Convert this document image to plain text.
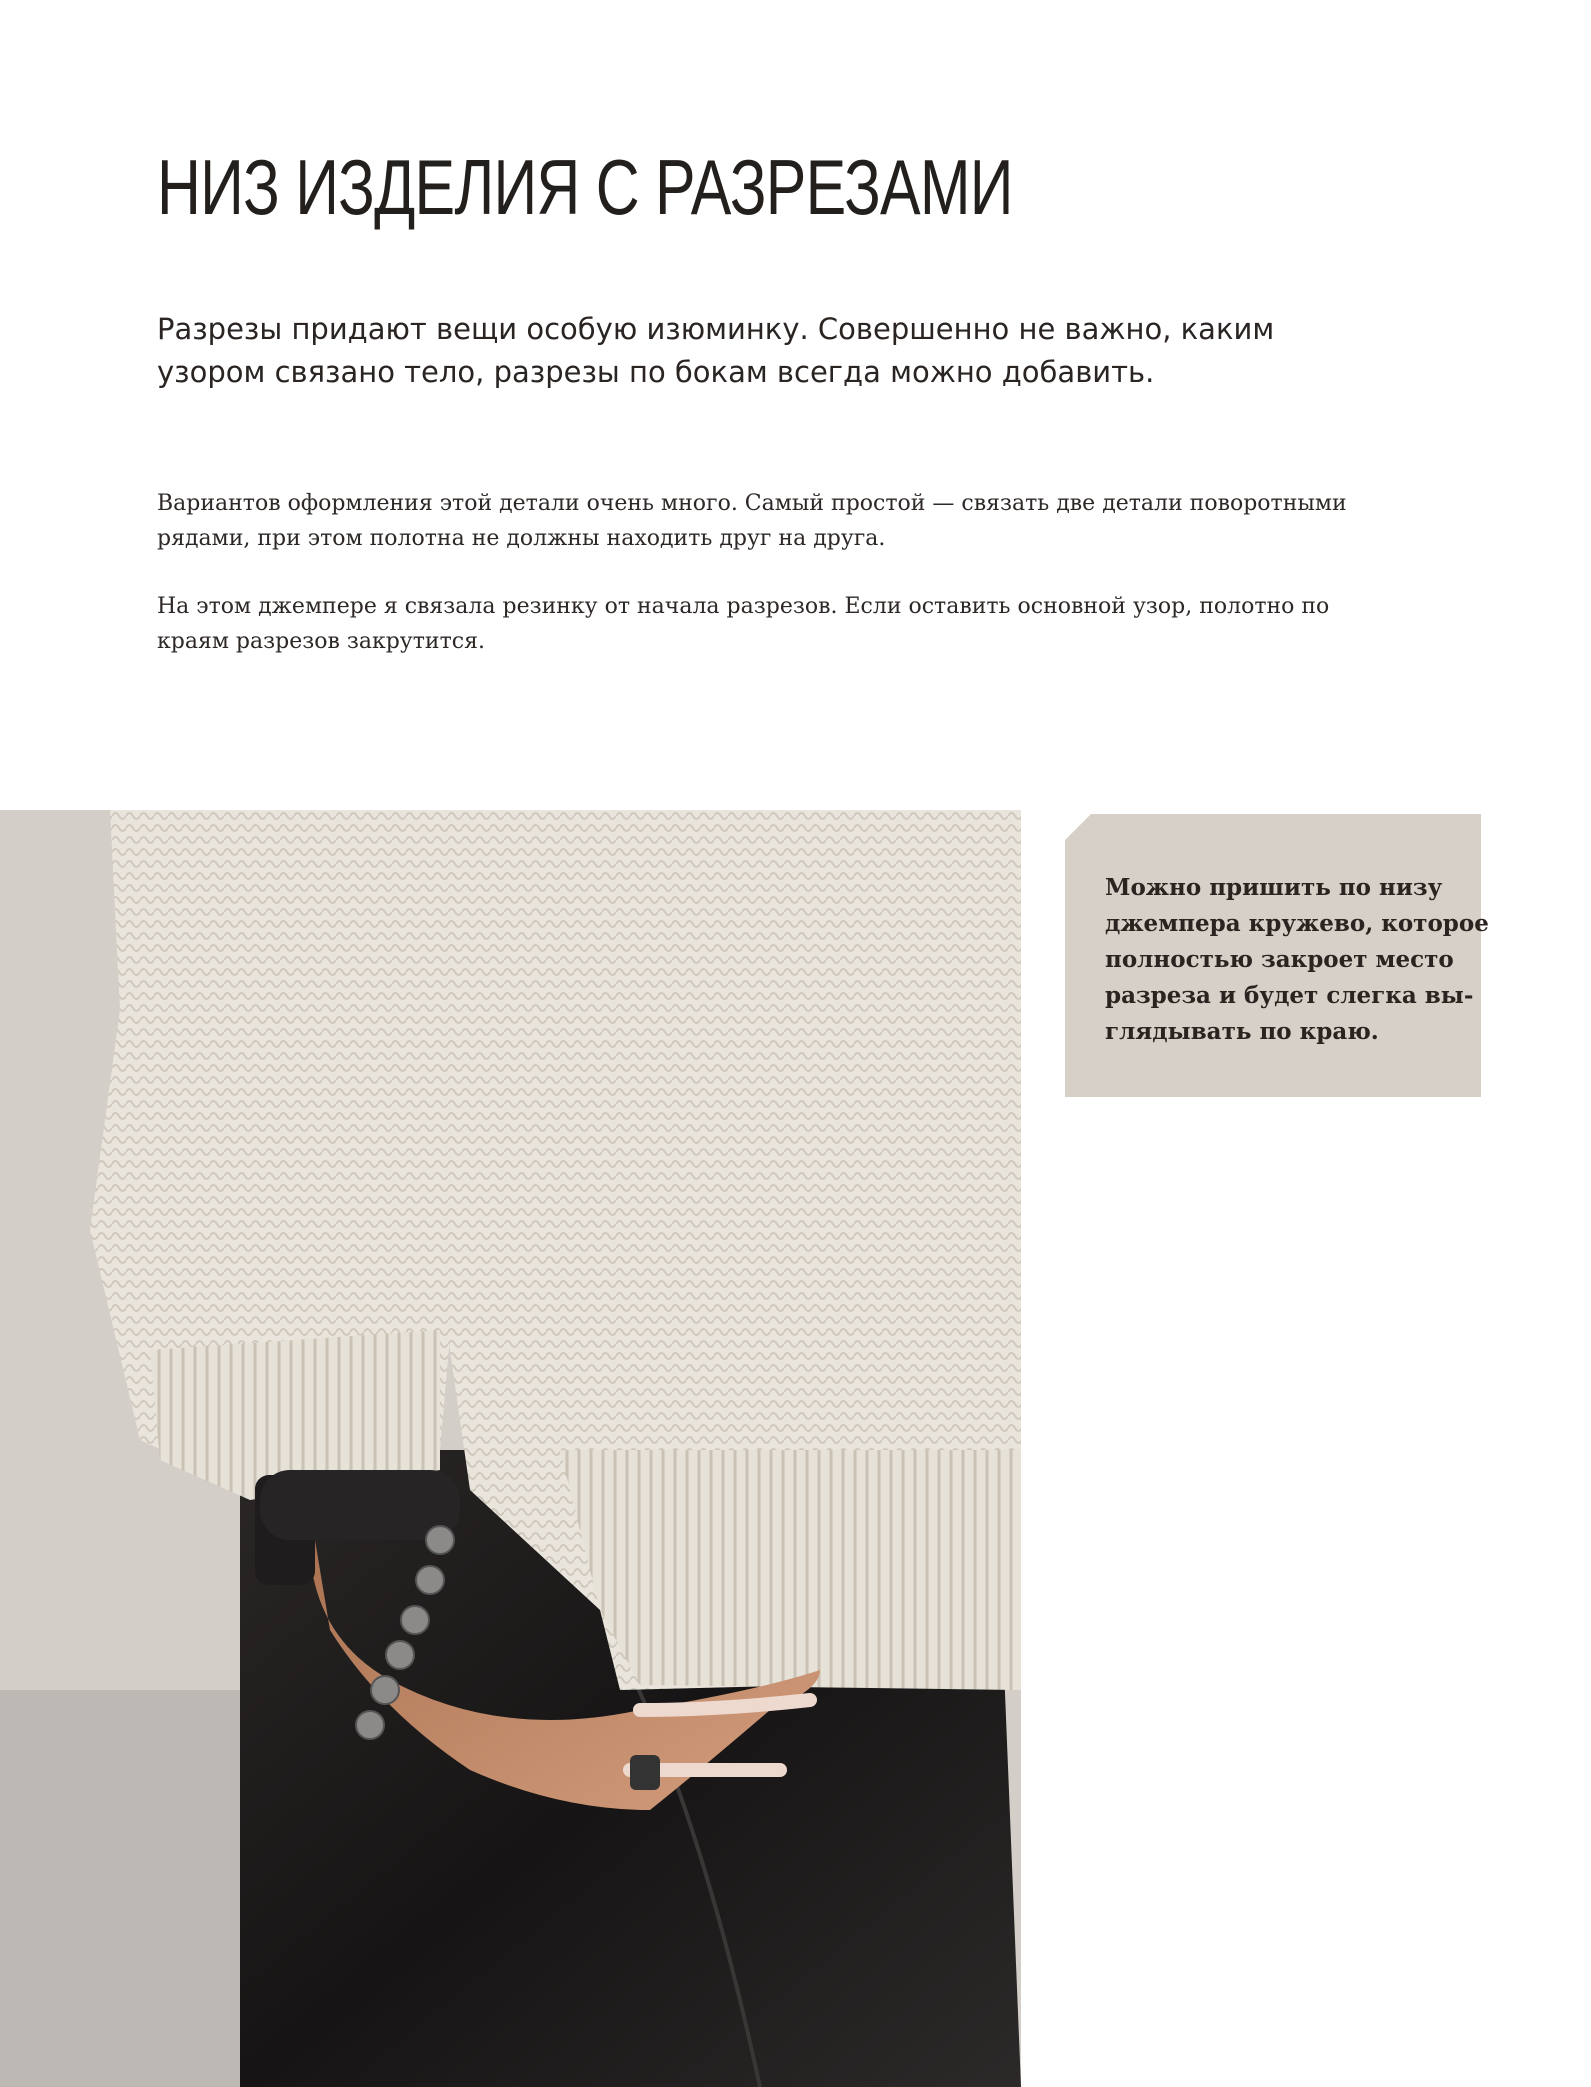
НИЗ ИЗДЕЛИЯ С РАЗРЕЗАМИ
Разрезы придают вещи особую изюминку. Совершенно не важно, каким
узором связано тело, разрезы по бокам всегда можно добавить.

Вариантов оформления этой детали очень много. Самый простой — связать две детали поворотными
рядами, при этом полотна не должны находить друг на друга.

На этом джемпере я связала резинку от начала разрезов. Если оставить основной узор, полотно по
краям разрезов закрутится.

Можно пришить по низу
джемпера кружево, которое
полностью закроет место
разреза и будет слегка вы-
глядывать по краю.
